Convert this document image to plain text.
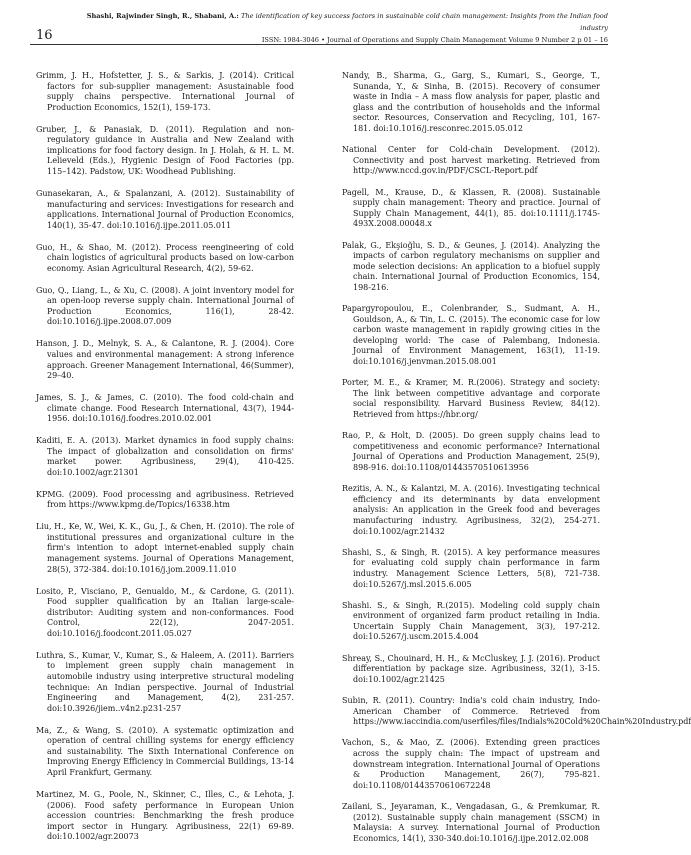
16
Shashi, Rajwinder Singh, R., Shabani, A.: The identification of key success factors in sustainable cold chain management: Insights from the Indian food industry
ISSN: 1984-3046 • Journal of Operations and Supply Chain Management Volume 9 Number 2 p 01 – 16

Grimm, J. H., Hofstetter, J. S., & Sarkis, J. (2014). Critical factors for sub-supplier management: Asustainable food supply chains perspective. International Journal of Production Economics, 152(1), 159-173.

Gruber, J., & Panasiak, D. (2011). Regulation and non-regulatory guidance in Australia and New Zealand with implications for food factory design. In J. Holah, & H. L. M. Lelieveld (Eds.), Hygienic Design of Food Factories (pp. 115–142). Padstow, UK: Woodhead Publishing.

Gunasekaran, A., & Spalanzani, A. (2012). Sustainability of manufacturing and services: Investigations for research and applications. International Journal of Production Economics, 140(1), 35-47. doi:10.1016/j.ijpe.2011.05.011

Guo, H., & Shao, M. (2012). Process reengineering of cold chain logistics of agricultural products based on low-carbon economy. Asian Agricultural Research, 4(2), 59-62.

Guo, Q., Liang, L., & Xu, C. (2008). A joint inventory model for an open-loop reverse supply chain. International Journal of Production Economics, 116(1), 28-42. doi:10.1016/j.ijpe.2008.07.009

Hanson, J. D., Melnyk, S. A., & Calantone, R. J. (2004). Core values and environmental management: A strong inference approach. Greener Management International, 46(Summer), 29–40.

James, S. J., & James, C. (2010). The food cold-chain and climate change. Food Research International, 43(7), 1944-1956. doi:10.1016/j.foodres.2010.02.001

Kaditi, E. A. (2013). Market dynamics in food supply chains: The impact of globalization and consolidation on firms' market power. Agribusiness, 29(4), 410-425. doi:10.1002/agr.21301

KPMG. (2009). Food processing and agribusiness. Retrieved from https://www.kpmg.de/Topics/16338.htm

Liu, H., Ke, W., Wei, K. K., Gu, J., & Chen, H. (2010). The role of institutional pressures and organizational culture in the firm's intention to adopt internet-enabled supply chain management systems. Journal of Operations Management, 28(5), 372-384. doi:10.1016/j.jom.2009.11.010

Losito, P., Visciano, P., Genualdo, M., & Cardone, G. (2011). Food supplier qualification by an Italian large-scale-distributor: Auditing system and non-conformances. Food Control, 22(12), 2047-2051. doi:10.1016/j.foodcont.2011.05.027

Luthra, S., Kumar, V., Kumar, S., & Haleem, A. (2011). Barriers to implement green supply chain management in automobile industry using interpretive structural modeling technique: An Indian perspective. Journal of Industrial Engineering and Management, 4(2), 231-257. doi:10.3926/jiem..v4n2.p231-257

Ma, Z., & Wang, S. (2010). A systematic optimization and operation of central chilling systems for energy efficiency and sustainability. The Sixth International Conference on Improving Energy Efficiency in Commercial Buildings, 13-14 April Frankfurt, Germany.

Martinez, M. G., Poole, N., Skinner, C., Illes, C., & Lehota, J. (2006). Food safety performance in European Union accession countries: Benchmarking the fresh produce import sector in Hungary. Agribusiness, 22(1) 69-89. doi:10.1002/agr.20073

Nandy, B., Sharma, G., Garg, S., Kumari, S., George, T., Sunanda, Y., & Sinha, B. (2015). Recovery of consumer waste in India – A mass flow analysis for paper, plastic and glass and the contribution of households and the informal sector. Resources, Conservation and Recycling, 101, 167-181. doi:10.1016/j.resconrec.2015.05.012

National Center for Cold-chain Development. (2012). Connectivity and post harvest marketing. Retrieved from http://www.nccd.gov.in/PDF/CSCL-Report.pdf

Pagell, M., Krause, D., & Klassen, R. (2008). Sustainable supply chain management: Theory and practice. Journal of Supply Chain Management, 44(1), 85. doi:10.1111/j.1745-493X.2008.00048.x

Palak, G., Ekşioğlu, S. D., & Geunes, J. (2014). Analyzing the impacts of carbon regulatory mechanisms on supplier and mode selection decisions: An application to a biofuel supply chain. International Journal of Production Economics, 154, 198-216.

Papargyropoulou, E., Colenbrander, S., Sudmant, A. H., Gouldson, A., & Tin, L. C. (2015). The economic case for low carbon waste management in rapidly growing cities in the developing world: The case of Palembang, Indonesia. Journal of Environment Management, 163(1), 11-19. doi:10.1016/j.jenvman.2015.08.001

Porter, M. E., & Kramer, M. R.(2006). Strategy and society: The link between competitive advantage and corporate social responsibility. Harvard Business Review, 84(12). Retrieved from https://hbr.org/

Rao, P., & Holt, D. (2005). Do green supply chains lead to competitiveness and economic performance? International Journal of Operations and Production Management, 25(9), 898-916. doi:10.1108/01443570510613956

Rezitis, A. N., & Kalantzi, M. A. (2016). Investigating technical efficiency and its determinants by data envelopment analysis: An application in the Greek food and beverages manufacturing industry. Agribusiness, 32(2), 254-271. doi:10.1002/agr.21432

Shashi, S., & Singh, R. (2015). A key performance measures for evaluating cold supply chain performance in farm industry. Management Science Letters, 5(8), 721-738. doi:10.5267/j.msl.2015.6.005

Shashi. S., & Singh, R.(2015). Modeling cold supply chain environment of organized farm product retailing in India. Uncertain Supply Chain Management, 3(3), 197-212. doi:10.5267/j.uscm.2015.4.004

Shreay, S., Chouinard, H. H., & McCluskey, J. J. (2016). Product differentiation by package size. Agribusiness, 32(1), 3-15. doi:10.1002/agr.21425

Subin, R. (2011). Country: India's cold chain industry, Indo-American Chamber of Commerce. Retrieved from https://www.iaccindia.com/userfiles/files/Indials%20Cold%20Chain%20Industry.pdf

Vachon, S., & Mao, Z. (2006). Extending green practices across the supply chain: The impact of upstream and downstream integration. International Journal of Operations & Production Management, 26(7), 795-821. doi:10.1108/01443570610672248

Zailani, S., Jeyaraman, K., Vengadasan, G., & Premkumar, R. (2012). Sustainable supply chain management (SSCM) in Malaysia: A survey. International Journal of Production Economics, 14(1), 330-340.doi:10.1016/j.ijpe.2012.02.008
